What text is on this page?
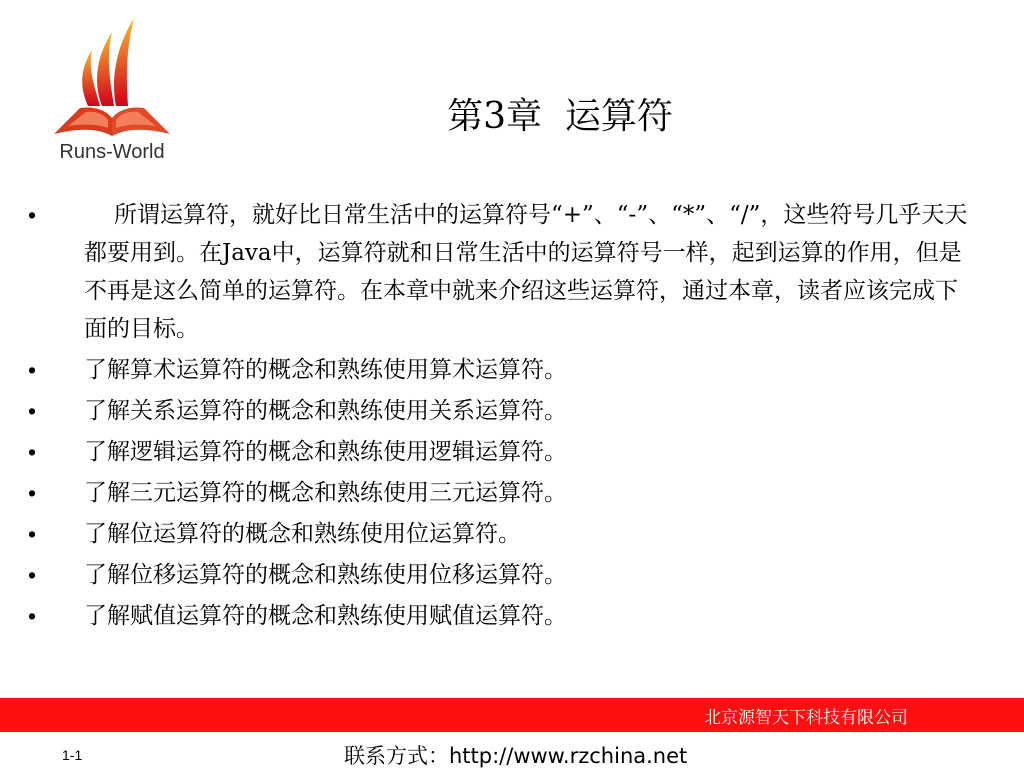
Runs-World
第3章  运算符
•	所谓运算符，就好比日常生活中的运算符号“+”、“-”、“*”、“/”，这些符号几乎天天都要用到。在Java中，运算符就和日常生活中的运算符号一样，起到运算的作用，但是不再是这么简单的运算符。在本章中就来介绍这些运算符，通过本章，读者应该完成下面的目标。
•	了解算术运算符的概念和熟练使用算术运算符。
•	了解关系运算符的概念和熟练使用关系运算符。
•	了解逻辑运算符的概念和熟练使用逻辑运算符。
•	了解三元运算符的概念和熟练使用三元运算符。
•	了解位运算符的概念和熟练使用位运算符。
•	了解位移运算符的概念和熟练使用位移运算符。
•	了解赋值运算符的概念和熟练使用赋值运算符。
北京源智天下科技有限公司
1-1	联系方式：http://www.rzchina.net
